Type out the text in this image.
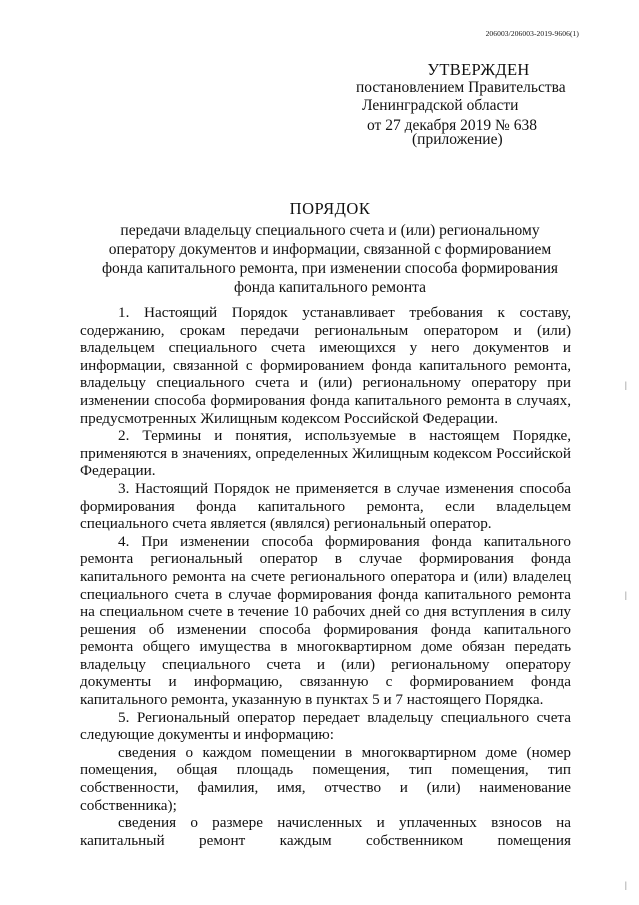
206003/206003-2019-9606(1)
УТВЕРЖДЕН
постановлением Правительства
Ленинградской области
от 27 декабря 2019 № 638
(приложение)
ПОРЯДОК
передачи владельцу специального счета и (или) региональному
оператору документов и информации, связанной с формированием
фонда капитального ремонта, при изменении способа формирования
фонда капитального ремонта

1. Настоящий Порядок устанавливает требования к составу, содержанию, срокам передачи региональным оператором и (или) владельцем специального счета имеющихся у него документов и информации, связанной с формированием фонда капитального ремонта, владельцу специального счета и (или) региональному оператору при изменении способа формирования фонда капитального ремонта в случаях, предусмотренных Жилищным кодексом Российской Федерации.

2. Термины и понятия, используемые в настоящем Порядке, применяются в значениях, определенных Жилищным кодексом Российской Федерации.

3. Настоящий Порядок не применяется в случае изменения способа формирования фонда капитального ремонта, если владельцем специального счета является (являлся) региональный оператор.

4. При изменении способа формирования фонда капитального ремонта региональный оператор в случае формирования фонда капитального ремонта на счете регионального оператора и (или) владелец специального счета в случае формирования фонда капитального ремонта на специальном счете в течение 10 рабочих дней со дня вступления в силу решения об изменении способа формирования фонда капитального ремонта общего имущества в многоквартирном доме обязан передать владельцу специального счета и (или) региональному оператору документы и информацию, связанную с формированием фонда капитального ремонта, указанную в пунктах 5 и 7 настоящего Порядка.

5. Региональный оператор передает владельцу специального счета следующие документы и информацию:

сведения о каждом помещении в многоквартирном доме (номер помещения, общая площадь помещения, тип помещения, тип собственности, фамилия, имя, отчество и (или) наименование собственника);

сведения о размере начисленных и уплаченных взносов на капитальный ремонт каждым собственником помещения

|
|
|
